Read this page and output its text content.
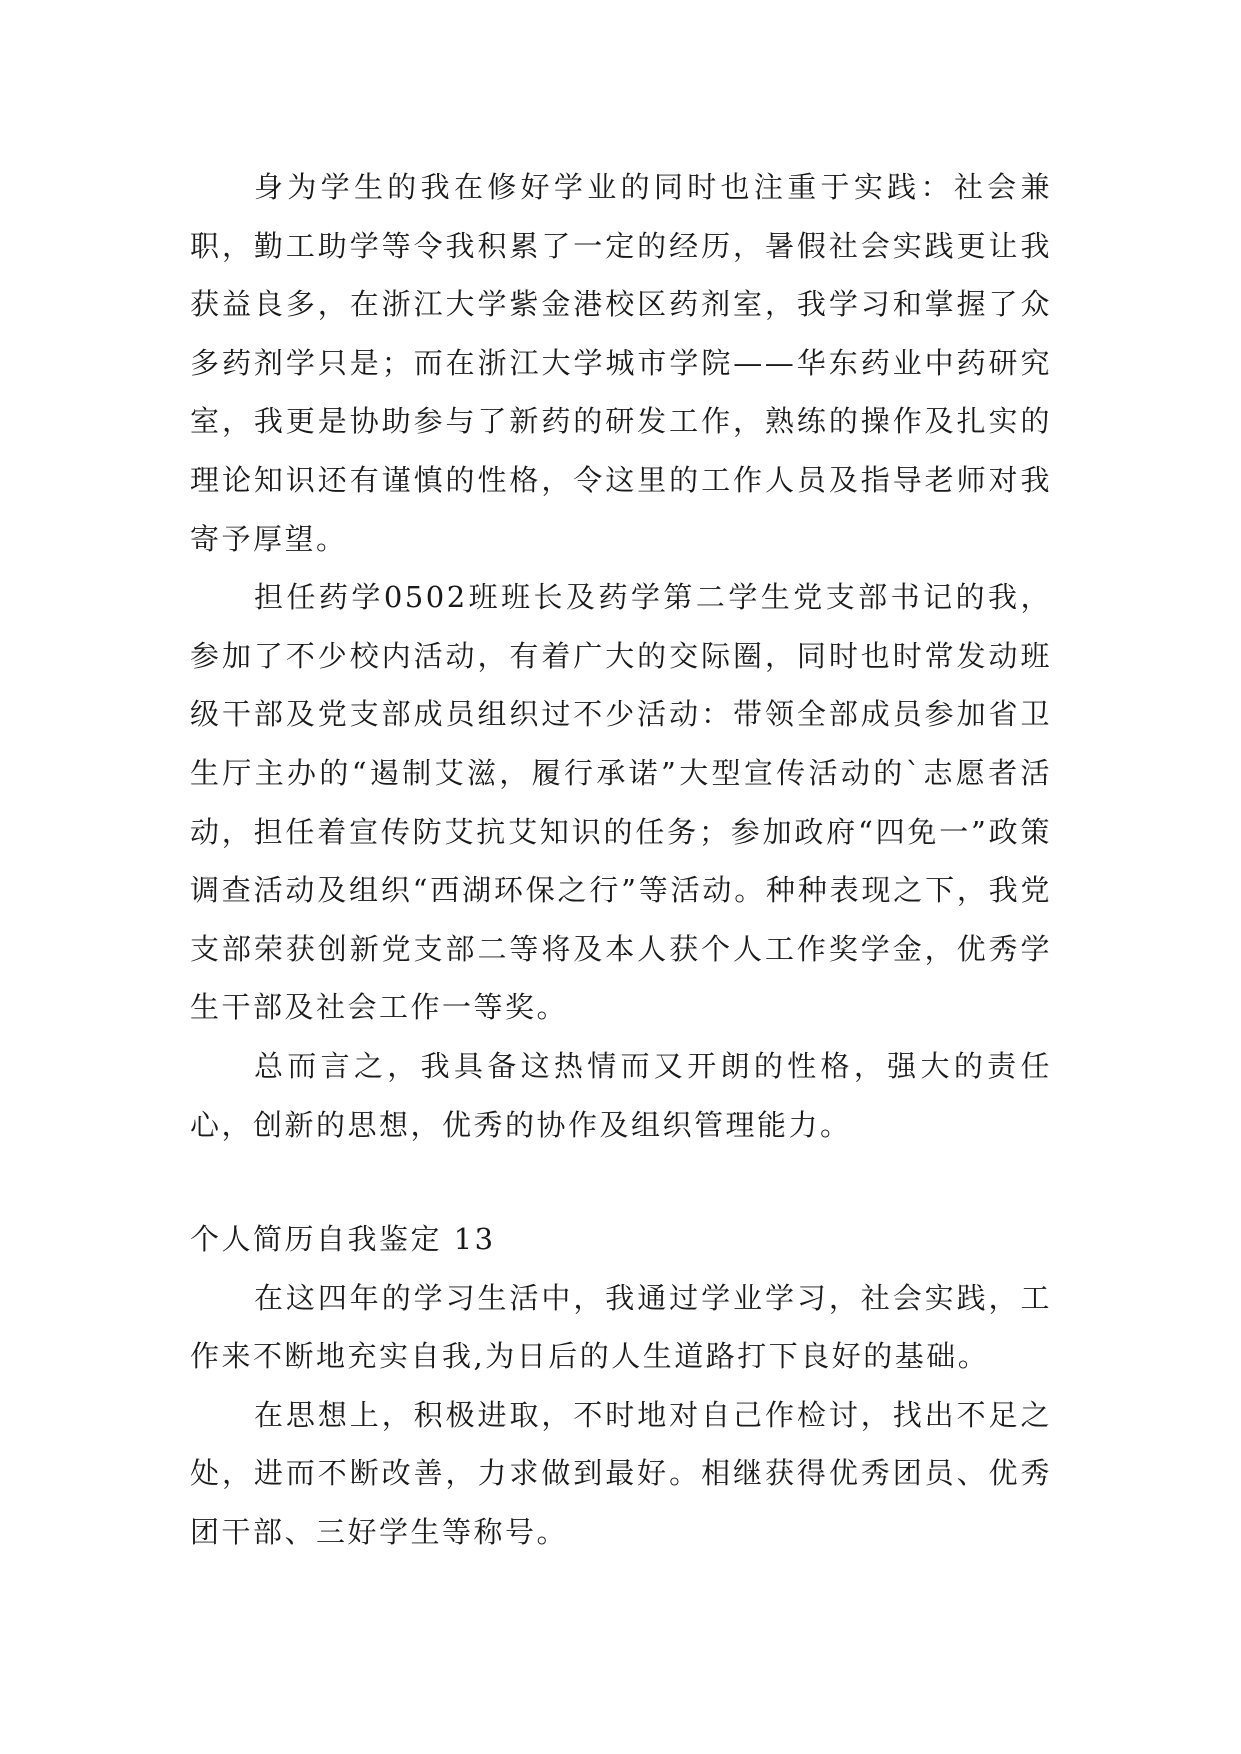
身为学生的我在修好学业的同时也注重于实践：社会兼职，勤工助学等令我积累了一定的经历，暑假社会实践更让我获益良多，在浙江大学紫金港校区药剂室，我学习和掌握了众多药剂学只是；而在浙江大学城市学院——华东药业中药研究室，我更是协助参与了新药的研发工作，熟练的操作及扎实的理论知识还有谨慎的性格，令这里的工作人员及指导老师对我寄予厚望。

担任药学0502班班长及药学第二学生党支部书记的我，参加了不少校内活动，有着广大的交际圈，同时也时常发动班级干部及党支部成员组织过不少活动：带领全部成员参加省卫生厅主办的“遏制艾滋，履行承诺”大型宣传活动的`志愿者活动，担任着宣传防艾抗艾知识的任务；参加政府“四免一”政策调查活动及组织“西湖环保之行”等活动。种种表现之下，我党支部荣获创新党支部二等将及本人获个人工作奖学金，优秀学生干部及社会工作一等奖。

总而言之，我具备这热情而又开朗的性格，强大的责任心，创新的思想，优秀的协作及组织管理能力。

个人简历自我鉴定 13

在这四年的学习生活中，我通过学业学习，社会实践，工作来不断地充实自我,为日后的人生道路打下良好的基础。

在思想上，积极进取，不时地对自己作检讨，找出不足之处，进而不断改善，力求做到最好。相继获得优秀团员、优秀团干部、三好学生等称号。
